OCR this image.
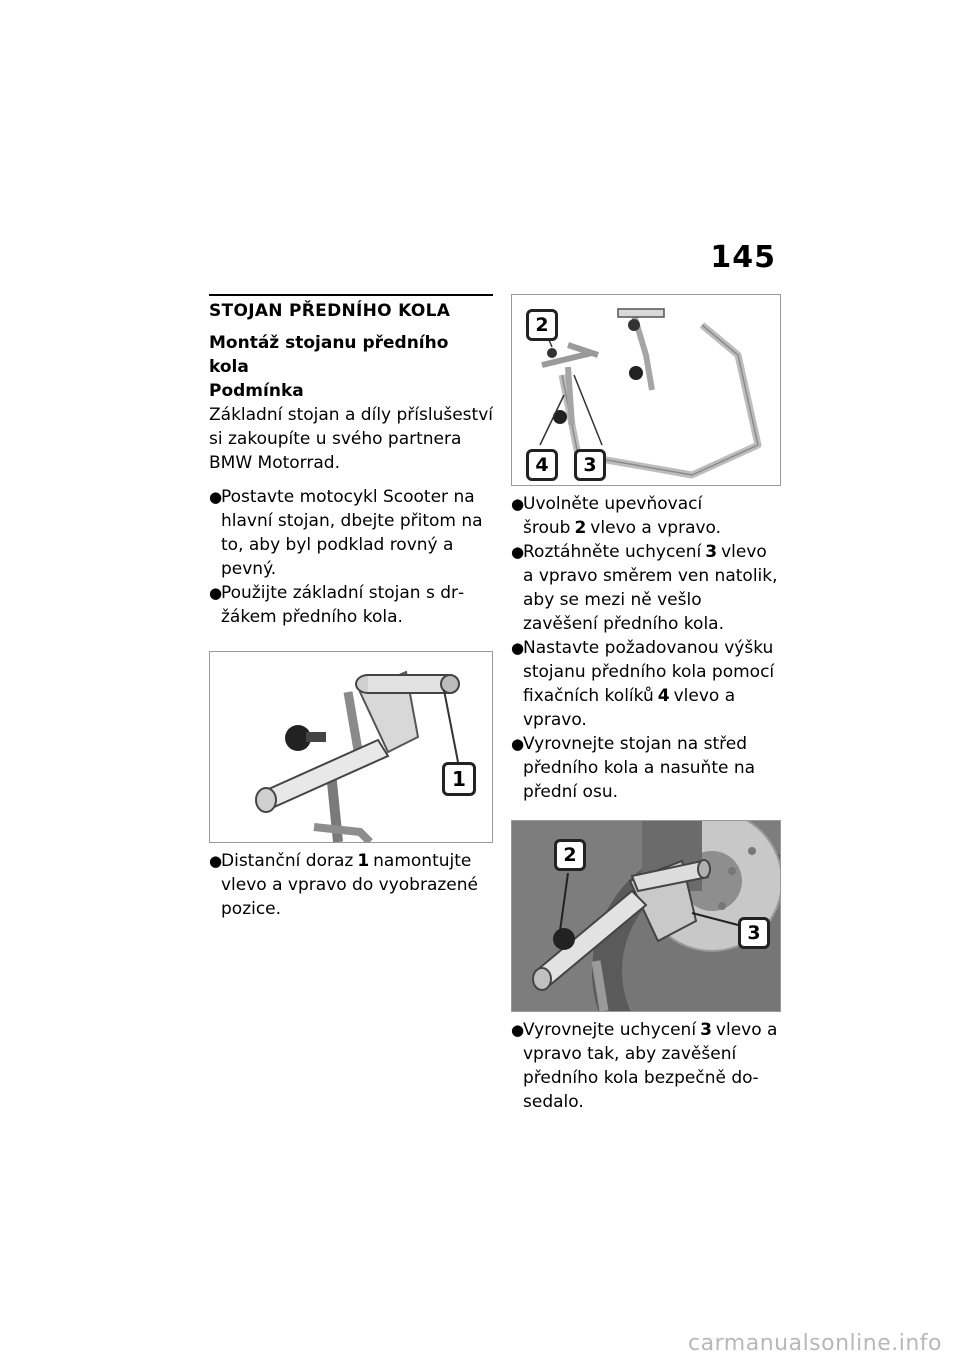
145
STOJAN PŘEDNÍHO KOLA
Montáž stojanu předního kola
Podmínka
Základní stojan a díly příslušeství si zakoupíte u svého partnera BMW Motorrad.
●
Postavte motocykl Scooter na hlavní stojan, dbejte přitom na to, aby byl podklad rovný a pevný.
●
Použijte základní stojan s držákem předního kola.
1
●
Distanční doraz 1 namontujte vlevo a vpravo do vyobrazené pozice.
2
4	3
●
Uvolněte upevňovací šroub 2 vlevo a vpravo.
●
Roztáhněte uchycení 3 vlevo a vpravo směrem ven natolik, aby se mezi ně vešlo zavěšení předního kola.
●
Nastavte požadovanou výšku stojanu předního kola pomocí fixačních kolíků 4 vlevo a vpravo.
●
Vyrovnejte stojan na střed předního kola a nasuňte na přední osu.
2
3
●
Vyrovnejte uchycení 3 vlevo a vpravo tak, aby zavěšení předního kola bezpečně dosedalo.
carmanualsonline.info
